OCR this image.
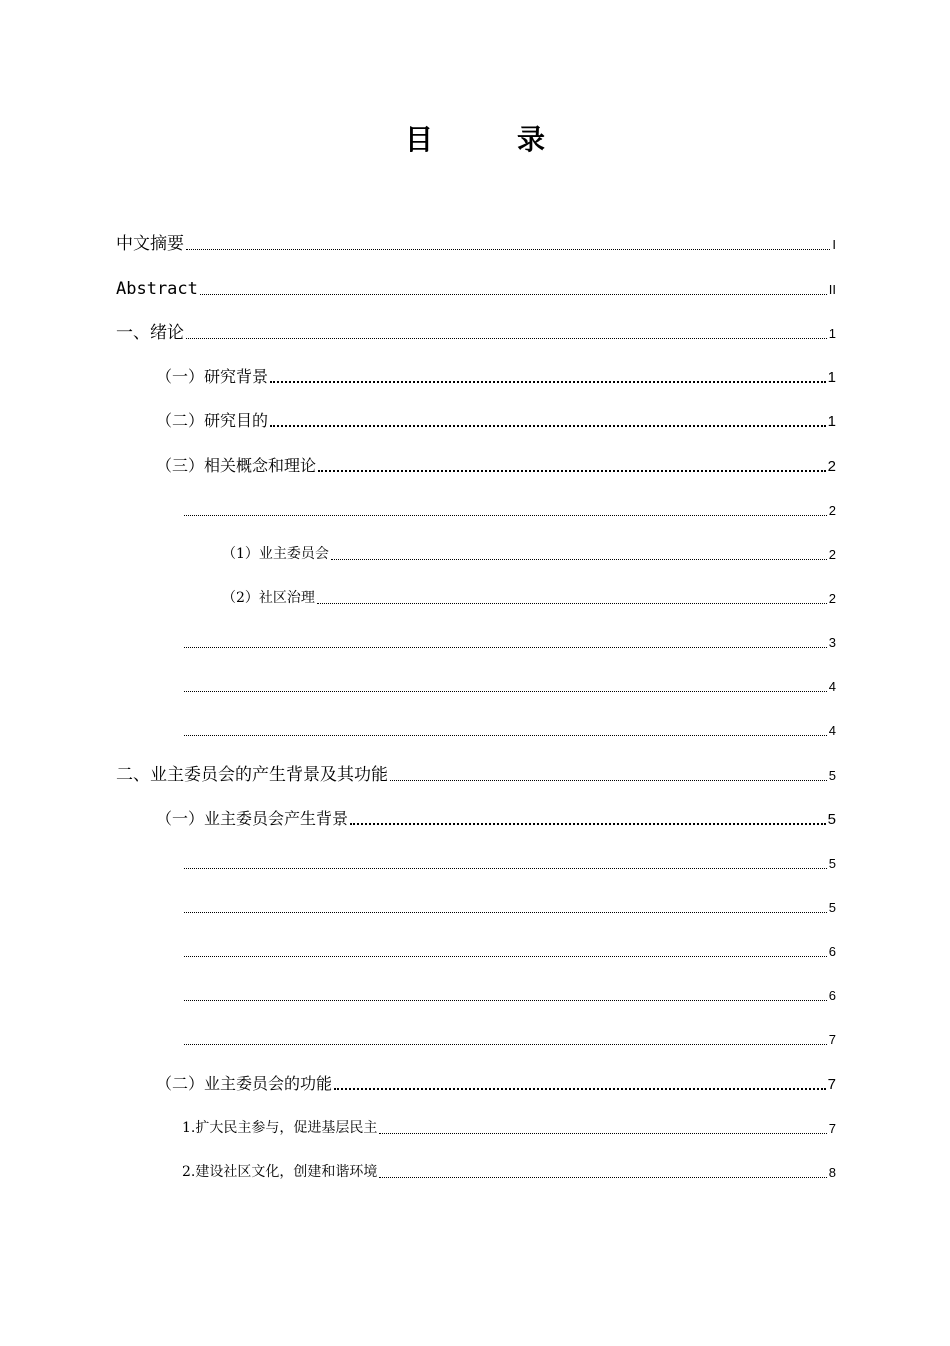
目　录
中文摘要	I
Abstract	II
一、绪论	1
（一）研究背景	1
（二）研究目的	1
（三）相关概念和理论	2
2
（1）业主委员会	2
（2）社区治理	2
3
4
4
二、业主委员会的产生背景及其功能	5
（一）业主委员会产生背景	5
5
5
6
6
7
（二）业主委员会的功能	7
1.扩大民主参与，促进基层民主	7
2.建设社区文化，创建和谐环境	8
